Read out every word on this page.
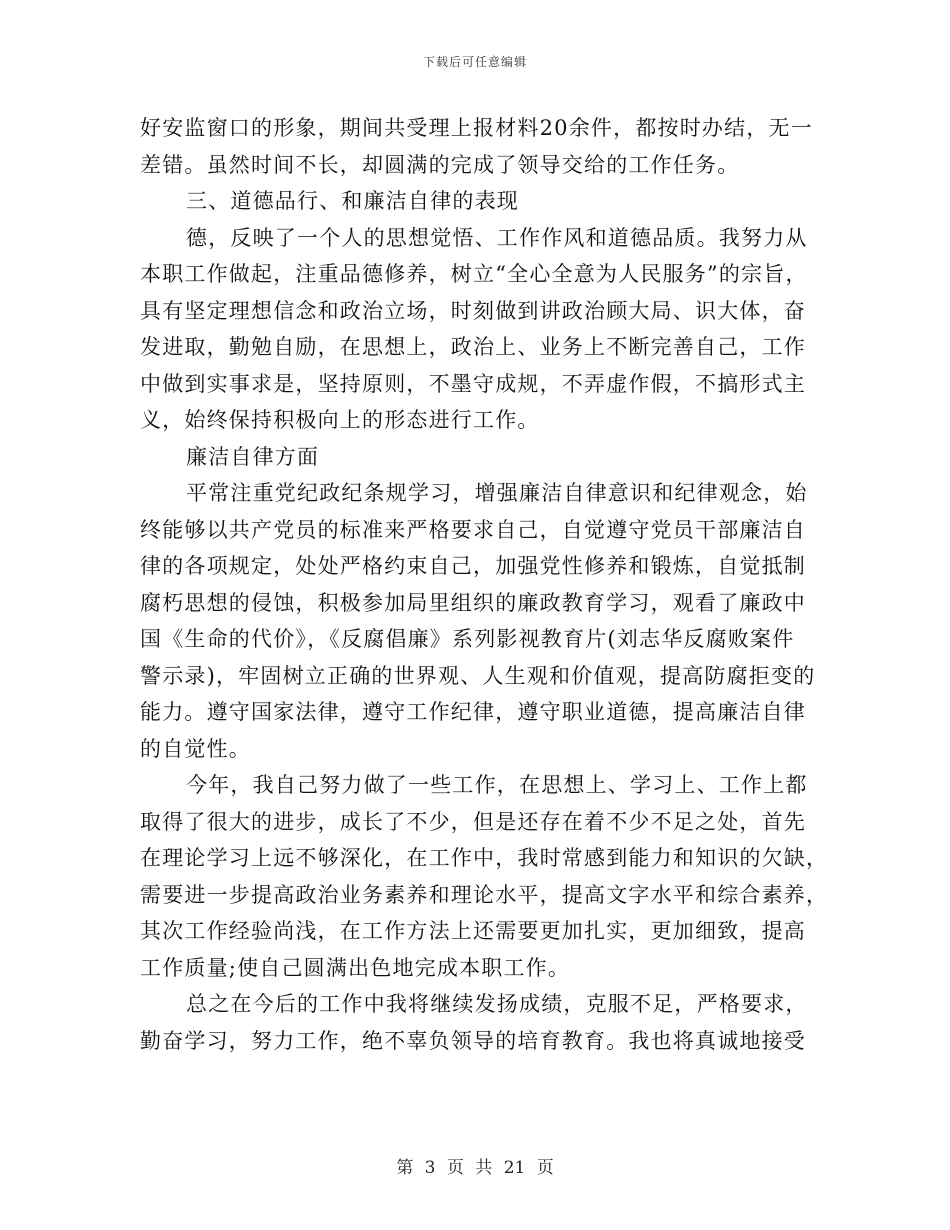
下载后可任意编辑
好安监窗口的形象，期间共受理上报材料20余件，都按时办结，无一
差错。虽然时间不长，却圆满的完成了领导交给的工作任务。
三、道德品行、和廉洁自律的表现
德，反映了一个人的思想觉悟、工作作风和道德品质。我努力从
本职工作做起，注重品德修养，树立“全心全意为人民服务”的宗旨，
具有坚定理想信念和政治立场，时刻做到讲政治顾大局、识大体，奋
发进取，勤勉自励，在思想上，政治上、业务上不断完善自己，工作
中做到实事求是，坚持原则，不墨守成规，不弄虚作假，不搞形式主
义，始终保持积极向上的形态进行工作。
廉洁自律方面
平常注重党纪政纪条规学习，增强廉洁自律意识和纪律观念，始
终能够以共产党员的标准来严格要求自己，自觉遵守党员干部廉洁自
律的各项规定，处处严格约束自己，加强党性修养和锻炼，自觉抵制
腐朽思想的侵蚀，积极参加局里组织的廉政教育学习，观看了廉政中
国《生命的代价》，《反腐倡廉》系列影视教育片(刘志华反腐败案件
警示录)，牢固树立正确的世界观、人生观和价值观，提高防腐拒变的
能力。遵守国家法律，遵守工作纪律，遵守职业道德，提高廉洁自律
的自觉性。
今年，我自己努力做了一些工作，在思想上、学习上、工作上都
取得了很大的进步，成长了不少，但是还存在着不少不足之处，首先
在理论学习上远不够深化，在工作中，我时常感到能力和知识的欠缺，
需要进一步提高政治业务素养和理论水平，提高文字水平和综合素养，
其次工作经验尚浅，在工作方法上还需要更加扎实，更加细致，提高
工作质量;使自己圆满出色地完成本职工作。
总之在今后的工作中我将继续发扬成绩，克服不足，严格要求，
勤奋学习，努力工作，绝不辜负领导的培育教育。我也将真诚地接受
第 3 页 共 21 页
